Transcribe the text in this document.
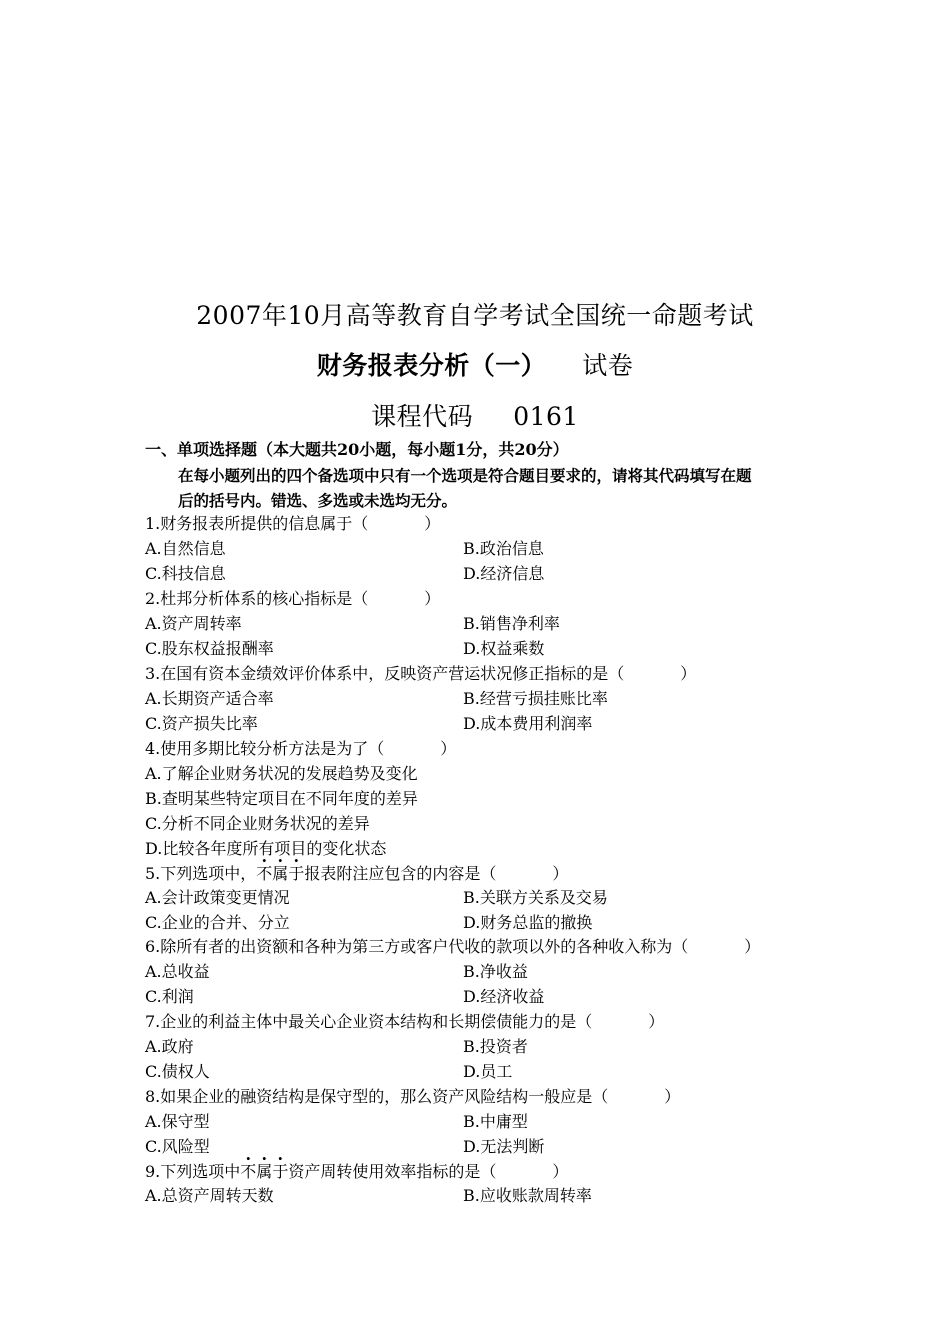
2007年10月高等教育自学考试全国统一命题考试
财务报表分析（一） 试卷
课程代码 0161
一、单项选择题（本大题共20小题，每小题1分，共20分）
在每小题列出的四个备选项中只有一个选项是符合题目要求的，请将其代码填写在题
后的括号内。错选、多选或未选均无分。
1.财务报表所提供的信息属于（	）
A.自然信息	B.政治信息
C.科技信息	D.经济信息
2.杜邦分析体系的核心指标是（	）
A.资产周转率	B.销售净利率
C.股东权益报酬率	D.权益乘数
3.在国有资本金绩效评价体系中，反映资产营运状况修正指标的是（	）
A.长期资产适合率	B.经营亏损挂账比率
C.资产损失比率	D.成本费用利润率
4.使用多期比较分析方法是为了（	）
A.了解企业财务状况的发展趋势及变化
B.查明某些特定项目在不同年度的差异
C.分析不同企业财务状况的差异
D.比较各年度所有项目的变化状态
5.下列选项中，不属于报表附注应包含的内容是（	）
A.会计政策变更情况	B.关联方关系及交易
C.企业的合并、分立	D.财务总监的撤换
6.除所有者的出资额和各种为第三方或客户代收的款项以外的各种收入称为（	）
A.总收益	B.净收益
C.利润	D.经济收益
7.企业的利益主体中最关心企业资本结构和长期偿债能力的是（	）
A.政府	B.投资者
C.债权人	D.员工
8.如果企业的融资结构是保守型的，那么资产风险结构一般应是（	）
A.保守型	B.中庸型
C.风险型	D.无法判断
9.下列选项中不属于资产周转使用效率指标的是（	）
A.总资产周转天数	B.应收账款周转率
